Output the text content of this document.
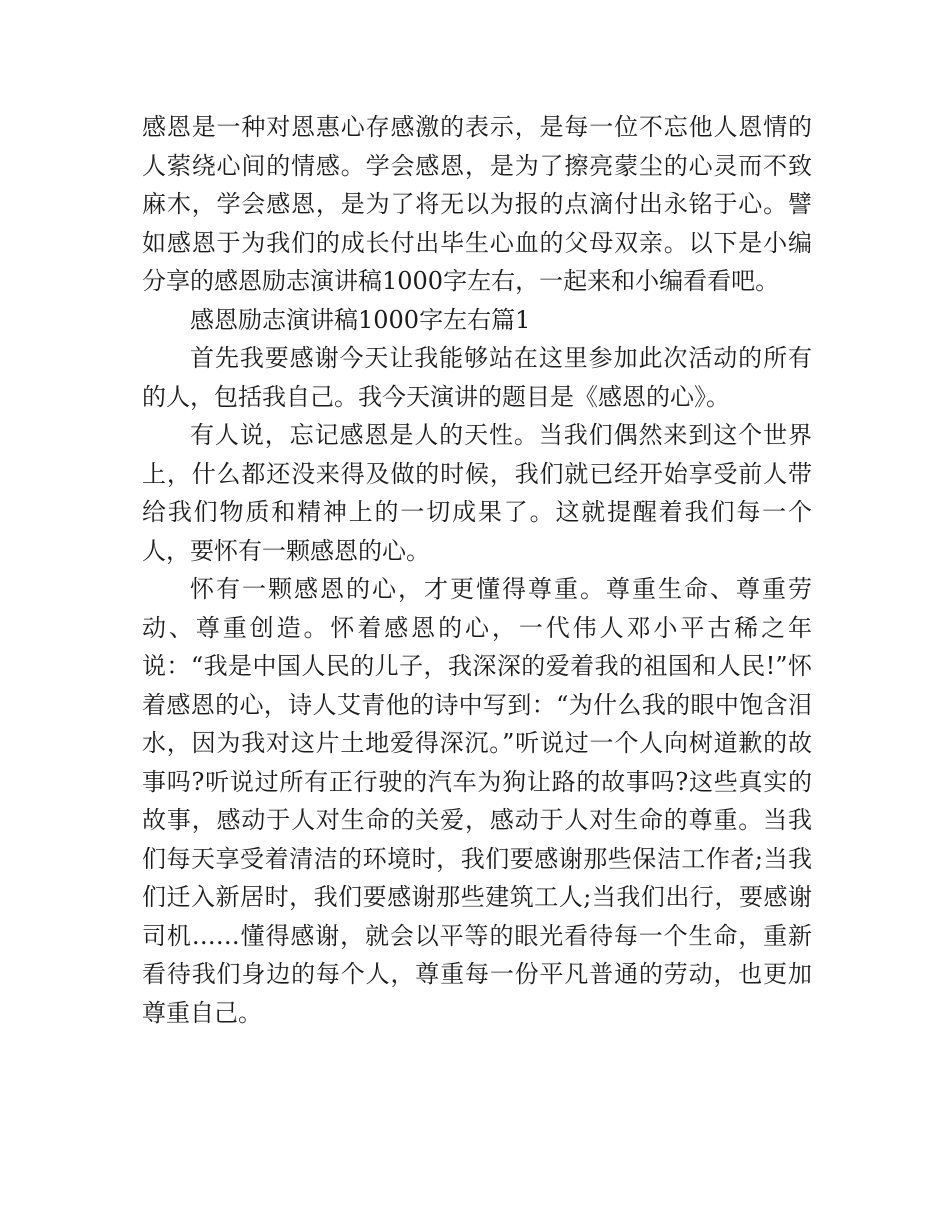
感恩是一种对恩惠心存感激的表示，是每一位不忘他人恩情的人萦绕心间的情感。学会感恩，是为了擦亮蒙尘的心灵而不致麻木，学会感恩，是为了将无以为报的点滴付出永铭于心。譬如感恩于为我们的成长付出毕生心血的父母双亲。以下是小编分享的感恩励志演讲稿1000字左右，一起来和小编看看吧。

感恩励志演讲稿1000字左右篇1

首先我要感谢今天让我能够站在这里参加此次活动的所有的人，包括我自己。我今天演讲的题目是《感恩的心》。

有人说，忘记感恩是人的天性。当我们偶然来到这个世界上，什么都还没来得及做的时候，我们就已经开始享受前人带给我们物质和精神上的一切成果了。这就提醒着我们每一个人，要怀有一颗感恩的心。

怀有一颗感恩的心，才更懂得尊重。尊重生命、尊重劳动、尊重创造。怀着感恩的心，一代伟人邓小平古稀之年说：“我是中国人民的儿子，我深深的爱着我的祖国和人民!”怀着感恩的心，诗人艾青他的诗中写到：“为什么我的眼中饱含泪水，因为我对这片土地爱得深沉。”听说过一个人向树道歉的故事吗?听说过所有正行驶的汽车为狗让路的故事吗?这些真实的故事，感动于人对生命的关爱，感动于人对生命的尊重。当我们每天享受着清洁的环境时，我们要感谢那些保洁工作者;当我们迁入新居时，我们要感谢那些建筑工人;当我们出行，要感谢司机……懂得感谢，就会以平等的眼光看待每一个生命，重新看待我们身边的每个人，尊重每一份平凡普通的劳动，也更加尊重自己。
